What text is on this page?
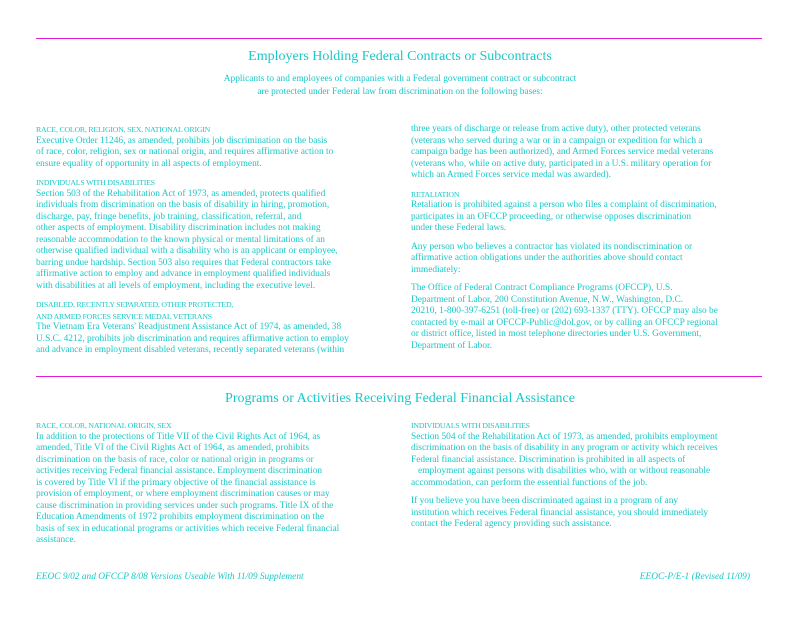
Employers Holding Federal Contracts or Subcontracts
Applicants to and employees of companies with a Federal government contract or subcontract
are protected under Federal law from discrimination on the following bases:
RACE, COLOR, RELIGION, SEX, NATIONAL ORIGIN
Executive Order 11246, as amended, prohibits job discrimination on the basis
of race, color, religion, sex or national origin, and requires affirmative action to
ensure equality of opportunity in all aspects of employment.
INDIVIDUALS WITH DISABILITIES
Section 503 of the Rehabilitation Act of 1973, as amended, protects qualified
individuals from discrimination on the basis of disability in hiring, promotion,
discharge, pay, fringe benefits, job training, classification, referral, and
other aspects of employment. Disability discrimination includes not making
reasonable accommodation to the known physical or mental limitations of an
otherwise qualified individual with a disability who is an applicant or employee,
barring undue hardship. Section 503 also requires that Federal contractors take
affirmative action to employ and advance in employment qualified individuals
with disabilities at all levels of employment, including the executive level.
DISABLED, RECENTLY SEPARATED, OTHER PROTECTED,
AND ARMED FORCES SERVICE MEDAL VETERANS
The Vietnam Era Veterans' Readjustment Assistance Act of 1974, as amended, 38
U.S.C. 4212, prohibits job discrimination and requires affirmative action to employ
and advance in employment disabled veterans, recently separated veterans (within
three years of discharge or release from active duty), other protected veterans
(veterans who served during a war or in a campaign or expedition for which a
campaign badge has been authorized), and Armed Forces service medal veterans
(veterans who, while on active duty, participated in a U.S. military operation for
which an Armed Forces service medal was awarded).
RETALIATION
Retaliation is prohibited against a person who files a complaint of discrimination,
participates in an OFCCP proceeding, or otherwise opposes discrimination
under these Federal laws.
Any person who believes a contractor has violated its nondiscrimination or
affirmative action obligations under the authorities above should contact
immediately:
The Office of Federal Contract Compliance Programs (OFCCP), U.S.
Department of Labor, 200 Constitution Avenue, N.W., Washington, D.C.
20210, 1-800-397-6251 (toll-free) or (202) 693-1337 (TTY). OFCCP may also be
contacted by e-mail at OFCCP-Public@dol.gov, or by calling an OFCCP regional
or district office, listed in most telephone directories under U.S. Government,
Department of Labor.
Programs or Activities Receiving Federal Financial Assistance
RACE, COLOR, NATIONAL ORIGIN, SEX
In addition to the protections of Title VII of the Civil Rights Act of 1964, as
amended, Title VI of the Civil Rights Act of 1964, as amended, prohibits
discrimination on the basis of race, color or national origin in programs or
activities receiving Federal financial assistance. Employment discrimination
is covered by Title VI if the primary objective of the financial assistance is
provision of employment, or where employment discrimination causes or may
cause discrimination in providing services under such programs. Title IX of the
Education Amendments of 1972 prohibits employment discrimination on the
basis of sex in educational programs or activities which receive Federal financial
assistance.
INDIVIDUALS WITH DISABILITIES
Section 504 of the Rehabilitation Act of 1973, as amended, prohibits employment
discrimination on the basis of disability in any program or activity which receives
Federal financial assistance. Discrimination is prohibited in all aspects of
employment against persons with disabilities who, with or without reasonable
accommodation, can perform the essential functions of the job.
If you believe you have been discriminated against in a program of any
institution which receives Federal financial assistance, you should immediately
contact the Federal agency providing such assistance.
EEOC 9/02 and OFCCP 8/08 Versions Useable With 11/09 Supplement	EEOC-P/E-1 (Revised 11/09)
